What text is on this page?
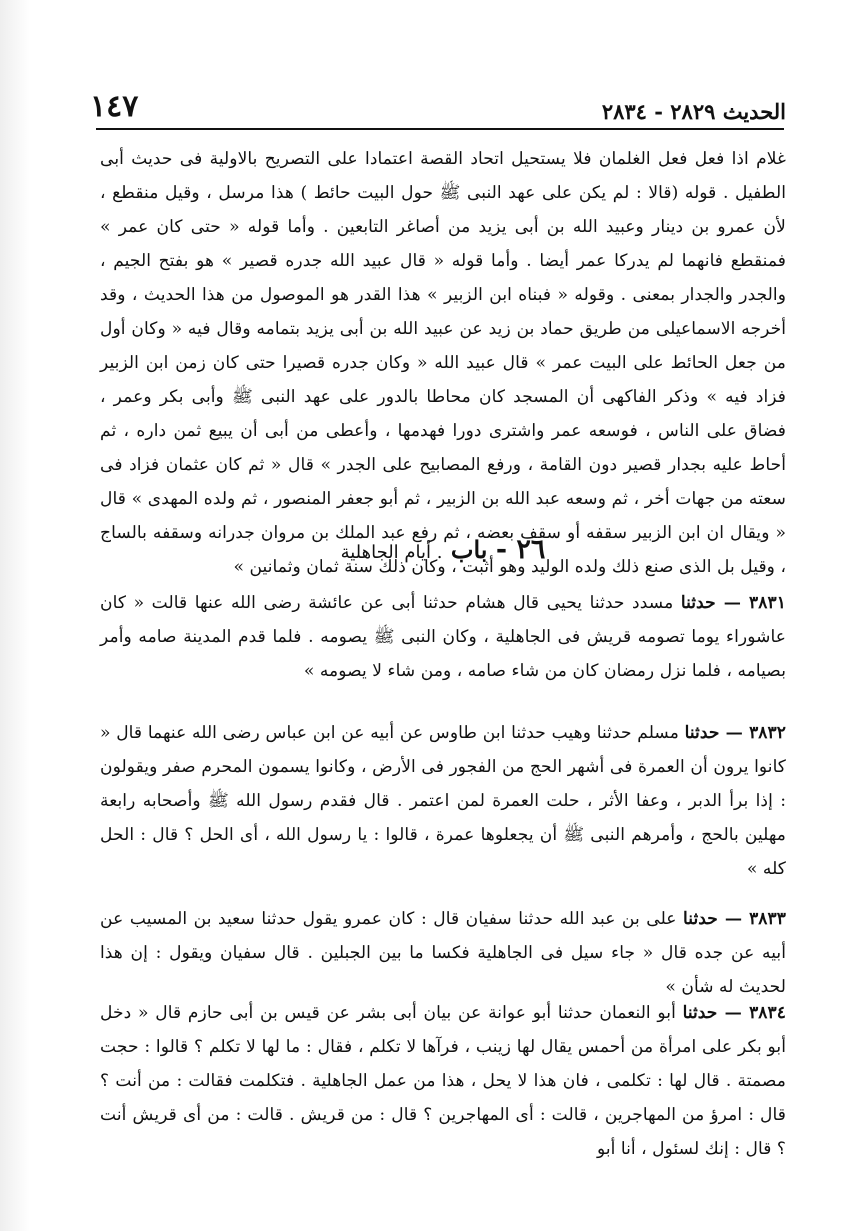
الحديث ٢٨٢٩ - ٢٨٣٤
١٤٧

غلام اذا فعل فعل الغلمان فلا يستحيل اتحاد القصة اعتمادا على التصريح بالاولية فى حديث أبى الطفيل . قوله (قالا : لم يكن على عهد النبى ﷺ حول البيت حائط ) هذا مرسل ، وقيل منقطع ، لأن عمرو بن دينار وعبيد الله بن أبى يزيد من أصاغر التابعين . وأما قوله « حتى كان عمر » فمنقطع فانهما لم يدركا عمر أيضا . وأما قوله « قال عبيد الله جدره قصير » هو بفتح الجيم ، والجدر والجدار بمعنى . وقوله « فبناه ابن الزبير » هذا القدر هو الموصول من هذا الحديث ، وقد أخرجه الاسماعيلى من طريق حماد بن زيد عن عبيد الله بن أبى يزيد بتمامه وقال فيه « وكان أول من جعل الحائط على البيت عمر » قال عبيد الله « وكان جدره قصيرا حتى كان زمن ابن الزبير فزاد فيه » وذكر الفاكهى أن المسجد كان محاطا بالدور على عهد النبى ﷺ وأبى بكر وعمر ، فضاق على الناس ، فوسعه عمر واشترى دورا فهدمها ، وأعطى من أبى أن يبيع ثمن داره ، ثم أحاط عليه بجدار قصير دون القامة ، ورفع المصابيح على الجدر » قال « ثم كان عثمان فزاد فى سعته من جهات أخر ، ثم وسعه عبد الله بن الزبير ، ثم أبو جعفر المنصور ، ثم ولده المهدى » قال « ويقال ان ابن الزبير سقفه أو سقف بعضه ، ثم رفع عبد الملك بن مروان جدرانه وسقفه بالساج ، وقيل بل الذى صنع ذلك ولده الوليد وهو أثبت ، وكان ذلك سنة ثمان وثمانين »

٢٦ - باب . أيام الجاهلية
٣٨٣١ — حدثنا مسدد حدثنا يحيى قال هشام حدثنا أبى عن عائشة رضى الله عنها قالت « كان عاشوراء يوما تصومه قريش فى الجاهلية ، وكان النبى ﷺ يصومه . فلما قدم المدينة صامه وأمر بصيامه ، فلما نزل رمضان كان من شاء صامه ، ومن شاء لا يصومه »
٣٨٣٢ — حدثنا مسلم حدثنا وهيب حدثنا ابن طاوس عن أبيه عن ابن عباس رضى الله عنهما قال « كانوا يرون أن العمرة فى أشهر الحج من الفجور فى الأرض ، وكانوا يسمون المحرم صفر ويقولون : إذا برأ الدبر ، وعفا الأثر ، حلت العمرة لمن اعتمر . قال فقدم رسول الله ﷺ وأصحابه رابعة مهلين بالحج ، وأمرهم النبى ﷺ أن يجعلوها عمرة ، قالوا : يا رسول الله ، أى الحل ؟ قال : الحل كله »
٣٨٣٣ — حدثنا على بن عبد الله حدثنا سفيان قال : كان عمرو يقول حدثنا سعيد بن المسيب عن أبيه عن جده قال « جاء سيل فى الجاهلية فكسا ما بين الجبلين . قال سفيان ويقول : إن هذا لحديث له شأن »
٣٨٣٤ — حدثنا أبو النعمان حدثنا أبو عوانة عن بيان أبى بشر عن قيس بن أبى حازم قال « دخل أبو بكر على امرأة من أحمس يقال لها زينب ، فرآها لا تكلم ، فقال : ما لها لا تكلم ؟ قالوا : حجت مصمتة . قال لها : تكلمى ، فان هذا لا يحل ، هذا من عمل الجاهلية . فتكلمت فقالت : من أنت ؟ قال : امرؤ من المهاجرين ، قالت : أى المهاجرين ؟ قال : من قريش . قالت : من أى قريش أنت ؟ قال : إنك لسئول ، أنا أبو
